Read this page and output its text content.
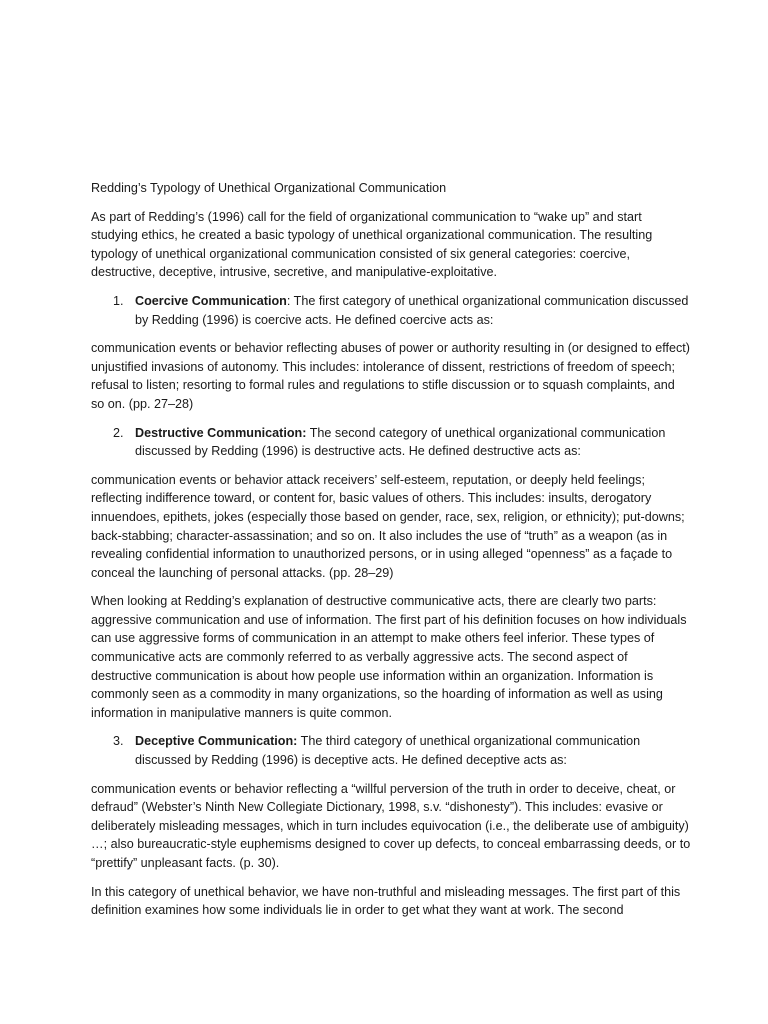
Redding’s Typology of Unethical Organizational Communication

As part of Redding’s (1996) call for the field of organizational communication to “wake up” and start studying ethics, he created a basic typology of unethical organizational communication. The resulting typology of unethical organizational communication consisted of six general categories: coercive, destructive, deceptive, intrusive, secretive, and manipulative-exploitative.

1. Coercive Communication: The first category of unethical organizational communication discussed by Redding (1996) is coercive acts. He defined coercive acts as:

communication events or behavior reflecting abuses of power or authority resulting in (or designed to effect) unjustified invasions of autonomy. This includes: intolerance of dissent, restrictions of freedom of speech; refusal to listen; resorting to formal rules and regulations to stifle discussion or to squash complaints, and so on. (pp. 27–28)

2. Destructive Communication: The second category of unethical organizational communication discussed by Redding (1996) is destructive acts. He defined destructive acts as:

communication events or behavior attack receivers’ self-esteem, reputation, or deeply held feelings; reflecting indifference toward, or content for, basic values of others. This includes: insults, derogatory innuendoes, epithets, jokes (especially those based on gender, race, sex, religion, or ethnicity); put-downs; back-stabbing; character-assassination; and so on. It also includes the use of “truth” as a weapon (as in revealing confidential information to unauthorized persons, or in using alleged “openness” as a façade to conceal the launching of personal attacks. (pp. 28–29)

When looking at Redding’s explanation of destructive communicative acts, there are clearly two parts: aggressive communication and use of information. The first part of his definition focuses on how individuals can use aggressive forms of communication in an attempt to make others feel inferior. These types of communicative acts are commonly referred to as verbally aggressive acts. The second aspect of destructive communication is about how people use information within an organization. Information is commonly seen as a commodity in many organizations, so the hoarding of information as well as using information in manipulative manners is quite common.

3. Deceptive Communication: The third category of unethical organizational communication discussed by Redding (1996) is deceptive acts. He defined deceptive acts as:

communication events or behavior reflecting a “willful perversion of the truth in order to deceive, cheat, or defraud” (Webster’s Ninth New Collegiate Dictionary, 1998, s.v. “dishonesty”). This includes: evasive or deliberately misleading messages, which in turn includes equivocation (i.e., the deliberate use of ambiguity) …; also bureaucratic-style euphemisms designed to cover up defects, to conceal embarrassing deeds, or to “prettify” unpleasant facts. (p. 30).

In this category of unethical behavior, we have non-truthful and misleading messages. The first part of this definition examines how some individuals lie in order to get what they want at work. The second
